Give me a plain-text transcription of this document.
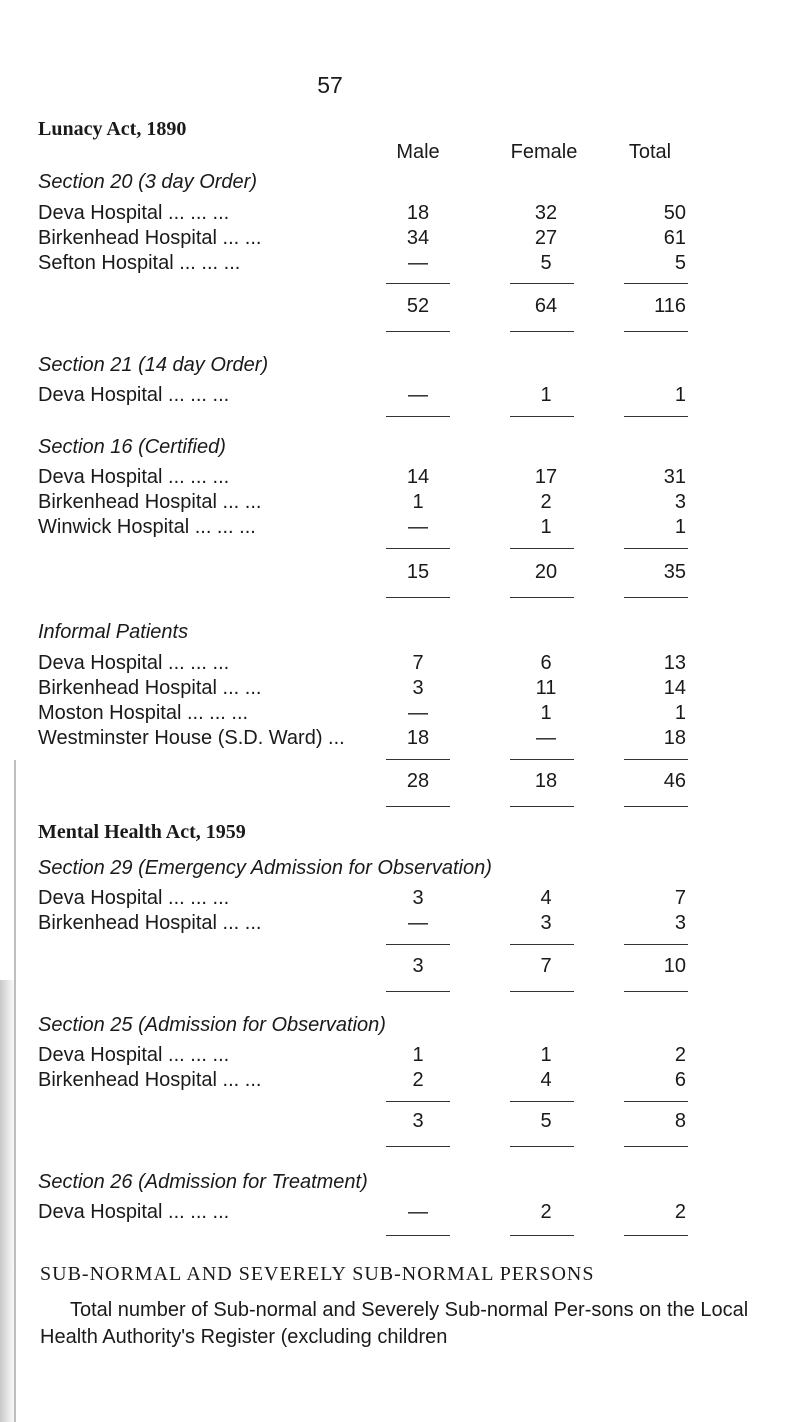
57
Lunacy Act, 1890
Male	Female	Total
Section 20 (3 day Order)
Deva Hospital ... ... ...	18	32	50
Birkenhead Hospital ... ...	34	27	61
Sefton Hospital ... ... ...	—	5	5
52	64	116
Section 21 (14 day Order)
Deva Hospital ... ... ...	—	1	1
Section 16 (Certified)
Deva Hospital ... ... ...	14	17	31
Birkenhead Hospital ... ...	1	2	3
Winwick Hospital ... ... ...	—	1	1
15	20	35
Informal Patients
Deva Hospital ... ... ...	7	6	13
Birkenhead Hospital ... ...	3	11	14
Moston Hospital ... ... ...	—	1	1
Westminster House (S.D. Ward) ...	18	—	18
28	18	46
Mental Health Act, 1959
Section 29 (Emergency Admission for Observation)
Deva Hospital ... ... ...	3	4	7
Birkenhead Hospital ... ...	—	3	3
3	7	10
Section 25 (Admission for Observation)
Deva Hospital ... ... ...	1	1	2
Birkenhead Hospital ... ...	2	4	6
3	5	8
Section 26 (Admission for Treatment)
Deva Hospital ... ... ...	—	2	2
SUB-NORMAL AND SEVERELY SUB-NORMAL PERSONS
Total number of Sub-normal and Severely Sub-normal Per-sons on the Local Health Authority's Register (excluding children
